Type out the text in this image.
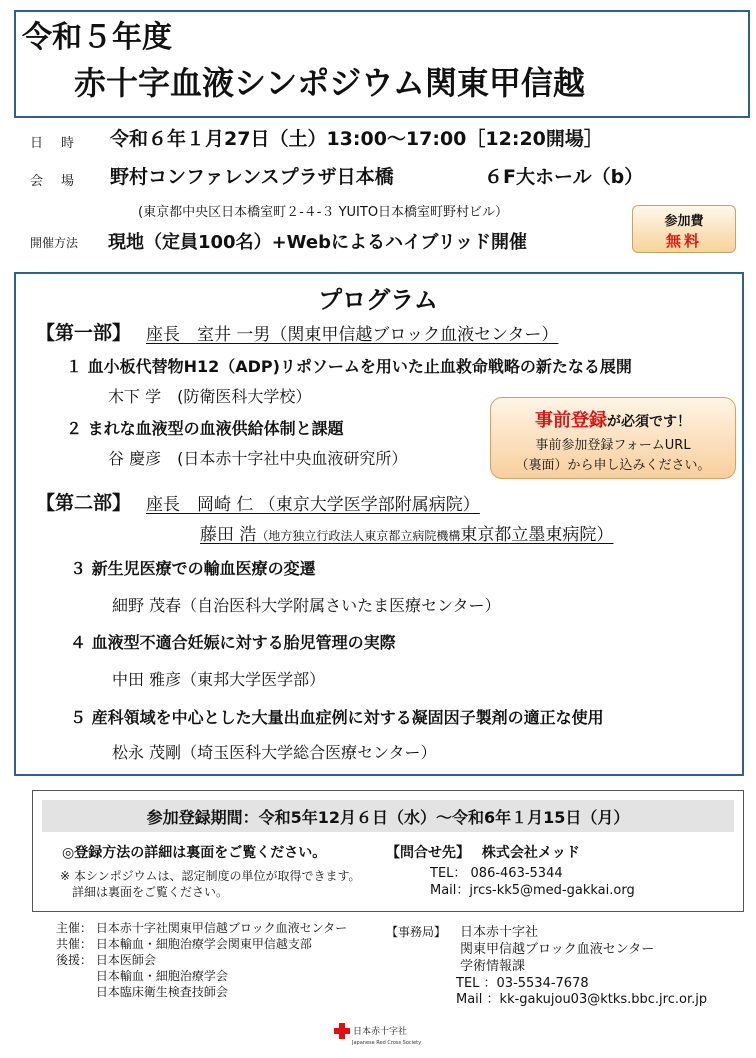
令和５年度
赤十字血液シンポジウム関東甲信越
日時 令和６年１月27日（土）13:00～17:00［12:20開場］
会場 野村コンファレンスプラザ日本橋	６F大ホール（b）
(東京都中央区日本橋室町２-４-３ YUITO日本橋室町野村ビル）
開催方法 現地（定員100名）+Webによるハイブリッド開催
参加費
無料
プログラム
【第一部】 座長　室井 一男（関東甲信越ブロック血液センター）
１ 血小板代替物H12（ADP)リポソームを用いた止血救命戦略の新たなる展開
木下 学　(防衛医科大学校）
２ まれな血液型の血液供給体制と課題
谷 慶彦　(日本赤十字社中央血液研究所）
事前登録が必須です！
事前参加登録フォームURL
（裏面）から申し込みください。
【第二部】 座長　岡崎 仁 （東京大学医学部附属病院）
藤田 浩（地方独立行政法人東京都立病院機構東京都立墨東病院）
３ 新生児医療での輸血医療の変遷
細野 茂春（自治医科大学附属さいたま医療センター）
４ 血液型不適合妊娠に対する胎児管理の実際
中田 雅彦（東邦大学医学部）
５ 産科領域を中心とした大量出血症例に対する凝固因子製剤の適正な使用
松永 茂剛（埼玉医科大学総合医療センター）
参加登録期間：令和5年12月６日（水）～令和6年１月15日（月）
◎登録方法の詳細は裏面をご覧ください。
※ 本シンポジウムは、認定制度の単位が取得できます。
　詳細は裏面をご覧ください。
【問合せ先】　 株式会社メッド
TEL： 086-463-5344
Mail：jrcs-kk5@med-gakkai.org
主催： 日本赤十字社関東甲信越ブロック血液センター
共催： 日本輸血・細胞治療学会関東甲信越支部
後援： 日本医師会
　　　 日本輸血・細胞治療学会
　　　 日本臨床衛生検査技師会
【事務局】 日本赤十字社
関東甲信越ブロック血液センター
学術情報課
TEL ：03-5534-7678
Mail ：kk-gakujou03@ktks.bbc.jrc.or.jp
日本赤十字社
Japanese Red Cross Society
